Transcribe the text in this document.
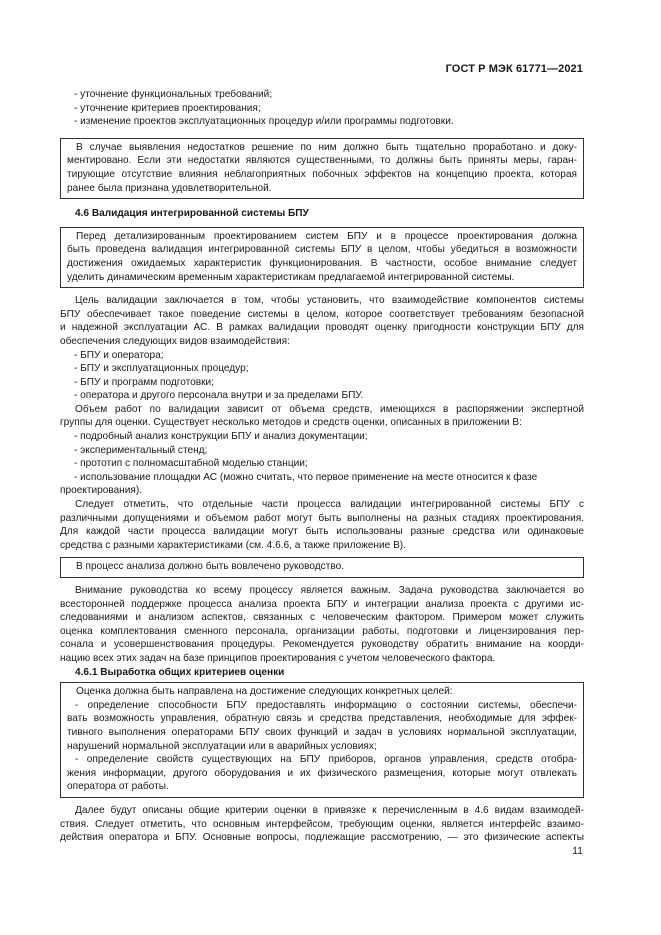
ГОСТ Р МЭК 61771—2021
- уточнение функциональных требований;
- уточнение критериев проектирования;
- изменение проектов эксплуатационных процедур и/или программы подготовки.
В случае выявления недостатков решение по ним должно быть тщательно проработано и доку-
ментировано. Если эти недостатки являются существенными, то должны быть приняты меры, гаран-
тирующие отсутствие влияния неблагоприятных побочных эффектов на концепцию проекта, которая
ранее была признана удовлетворительной.
4.6 Валидация интегрированной системы БПУ
Перед детализированным проектированием систем БПУ и в процессе проектирования должна
быть проведена валидация интегрированной системы БПУ в целом, чтобы убедиться в возможности
достижения ожидаемых характеристик функционирования. В частности, особое внимание следует
уделить динамическим временным характеристикам предлагаемой интегрированной системы.
Цель валидации заключается в том, чтобы установить, что взаимодействие компонентов системы
БПУ обеспечивает такое поведение системы в целом, которое соответствует требованиям безопасной
и надежной эксплуатации АС. В рамках валидации проводят оценку пригодности конструкции БПУ для
обеспечения следующих видов взаимодействия:
- БПУ и оператора;
- БПУ и эксплуатационных процедур;
- БПУ и программ подготовки;
- оператора и другого персонала внутри и за пределами БПУ.
Объем работ по валидации зависит от объема средств, имеющихся в распоряжении экспертной
группы для оценки. Существует несколько методов и средств оценки, описанных в приложении В:
- подробный анализ конструкции БПУ и анализ документации;
- экспериментальный стенд;
- прототип с полномасштабной моделью станции;
- использование площадки АС (можно считать, что первое применение на месте относится к фазе
проектирования).
Следует отметить, что отдельные части процесса валидации интегрированной системы БПУ с
различными допущениями и объемом работ могут быть выполнены на разных стадиях проектирования.
Для каждой части процесса валидации могут быть использованы разные средства или одинаковые
средства с разными характеристиками (см. 4.6.6, а также приложение В).
В процесс анализа должно быть вовлечено руководство.
Внимание руководства ко всему процессу является важным. Задача руководства заключается во
всесторонней поддержке процесса анализа проекта БПУ и интеграции анализа проекта с другими ис-
следованиями и анализом аспектов, связанных с человеческим фактором. Примером может служить
оценка комплектования сменного персонала, организации работы, подготовки и лицензирования пер-
сонала и усовершенствования процедуры. Рекомендуется руководству обратить внимание на коорди-
нацию всех этих задач на базе принципов проектирования с учетом человеческого фактора.
4.6.1 Выработка общих критериев оценки
Оценка должна быть направлена на достижение следующих конкретных целей:
- определение способности БПУ предоставлять информацию о состоянии системы, обеспечи-
вать возможность управления, обратную связь и средства представления, необходимые для эффек-
тивного выполнения операторами БПУ своих функций и задач в условиях нормальной эксплуатации,
нарушений нормальной эксплуатации или в аварийных условиях;
- определение свойств существующих на БПУ приборов, органов управления, средств отобра-
жения информации, другого оборудования и их физического размещения, которые могут отвлекать
оператора от работы.
Далее будут описаны общие критерии оценки в привязке к перечисленным в 4.6 видам взаимодей-
ствия. Следует отметить, что основным интерфейсом, требующим оценки, является интерфейс взаимо-
действия оператора и БПУ. Основные вопросы, подлежащие рассмотрению, — это физические аспекты
11
